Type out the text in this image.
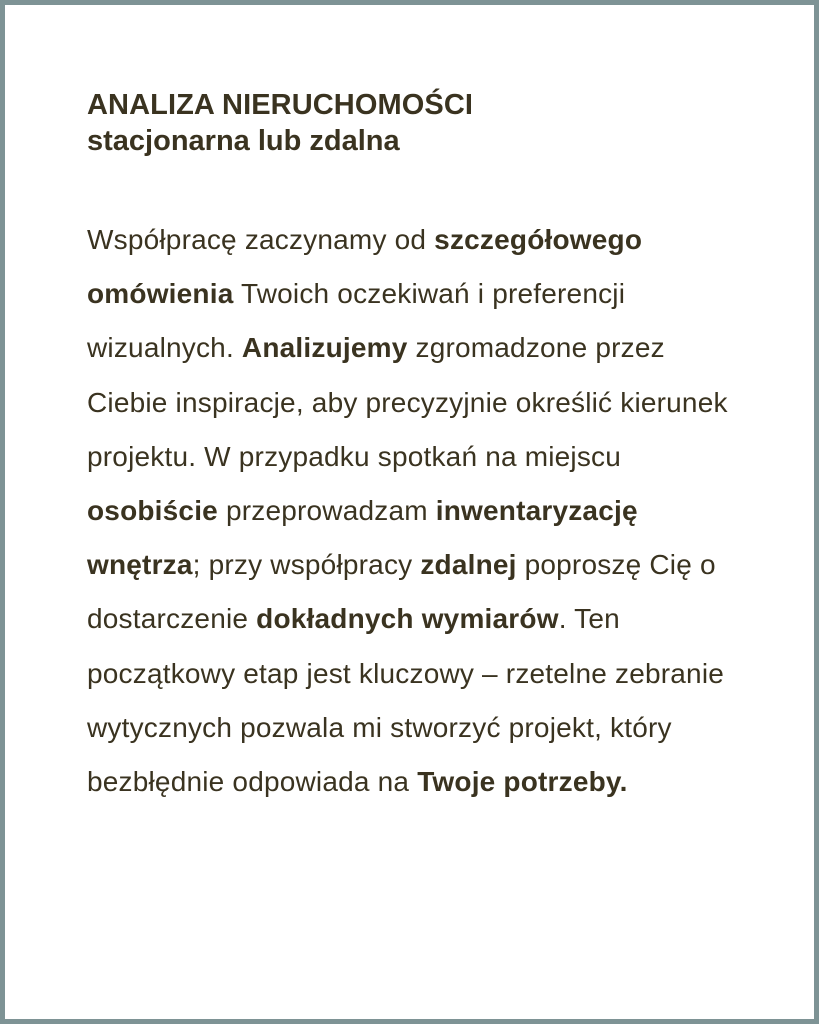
ANALIZA NIERUCHOMOŚCI
stacjonarna lub zdalna

Współpracę zaczynamy od szczegółowego omówienia Twoich oczekiwań i preferencji wizualnych. Analizujemy zgromadzone przez Ciebie inspiracje, aby precyzyjnie określić kierunek projektu. W przypadku spotkań na miejscu osobiście przeprowadzam inwentaryzację wnętrza; przy współpracy zdalnej poproszę Cię o dostarczenie dokładnych wymiarów. Ten początkowy etap jest kluczowy – rzetelne zebranie wytycznych pozwala mi stworzyć projekt, który bezbłędnie odpowiada na Twoje potrzeby.
